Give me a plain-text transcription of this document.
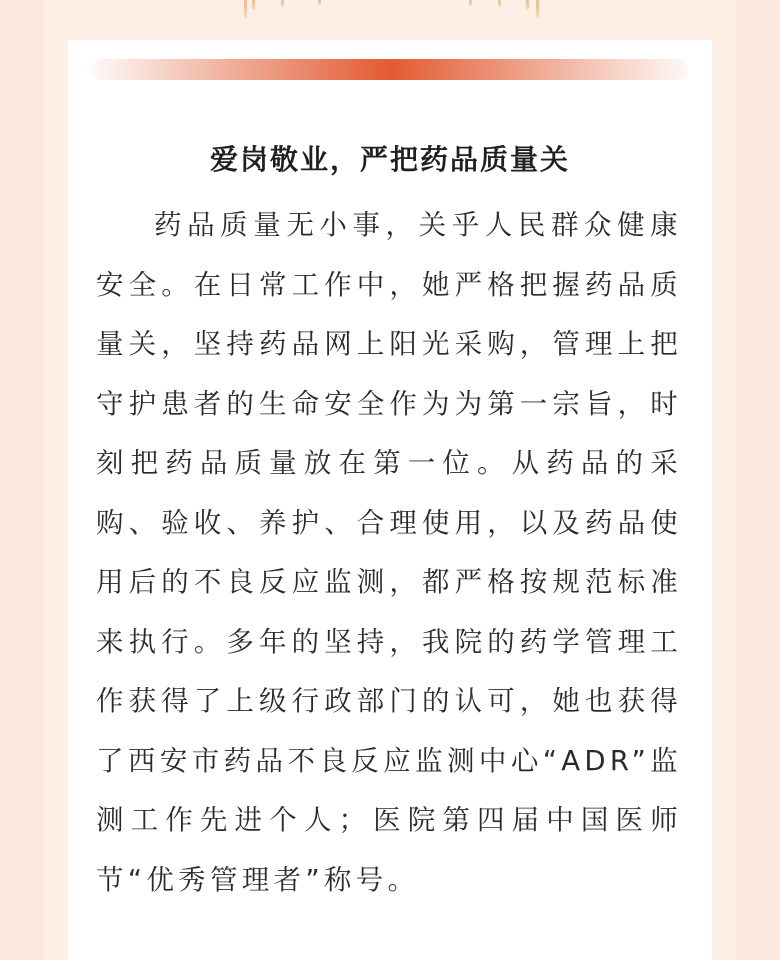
爱岗敬业，严把药品质量关

药品质量无小事，关乎人民群众健康安全。在日常工作中，她严格把握药品质量关，坚持药品网上阳光采购，管理上把守护患者的生命安全作为为第一宗旨，时刻把药品质量放在第一位。从药品的采购、验收、养护、合理使用，以及药品使用后的不良反应监测，都严格按规范标准来执行。多年的坚持，我院的药学管理工作获得了上级行政部门的认可，她也获得了西安市药品不良反应监测中心“ADR”监测工作先进个人；医院第四届中国医师节“优秀管理者”称号。
